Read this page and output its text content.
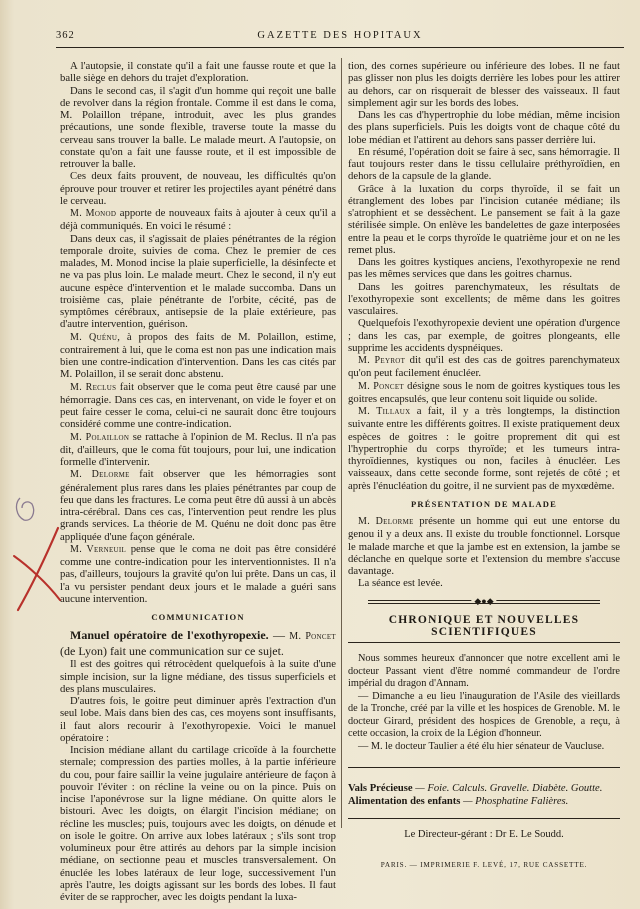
362	GAZETTE DES HOPITAUX

A l'autopsie, il constate qu'il a fait une fausse route et que la balle siège en dehors du trajet d'exploration.

Dans le second cas, il s'agit d'un homme qui reçoit une balle de revolver dans la région frontale. Comme il est dans le coma, M. Polaillon trépane, introduit, avec les plus grandes précautions, une sonde flexible, traverse toute la masse du cerveau sans trouver la balle. Le malade meurt. A l'autopsie, on constate qu'on a fait une fausse route, et il est impossible de retrouver la balle.

Ces deux faits prouvent, de nouveau, les difficultés qu'on éprouve pour trouver et retirer les projectiles ayant pénétré dans le cerveau.

M. Monod apporte de nouveaux faits à ajouter à ceux qu'il a déjà communiqués. En voici le résumé :

Dans deux cas, il s'agissait de plaies pénétrantes de la région temporale droite, suivies de coma. Chez le premier de ces malades, M. Monod incise la plaie superficielle, la désinfecte et ne va pas plus loin. Le malade meurt. Chez le second, il n'y eut aucune espèce d'intervention et le malade succomba. Dans un troisième cas, plaie pénétrante de l'orbite, cécité, pas de symptômes cérébraux, antisepsie de la plaie extérieure, pas d'autre intervention, guérison.

M. Quénu, à propos des faits de M. Polaillon, estime, contrairement à lui, que le coma est non pas une indication mais bien une contre-indication d'intervention. Dans les cas cités par M. Polaillon, il se serait donc abstenu.

M. Reclus fait observer que le coma peut être causé par une hémorragie. Dans ces cas, en intervenant, on vide le foyer et on peut faire cesser le coma, celui-ci ne saurait donc être toujours considéré comme une contre-indication.

M. Polaillon se rattache à l'opinion de M. Reclus. Il n'a pas dit, d'ailleurs, que le coma fût toujours, pour lui, une indication formelle d'intervenir.

M. Delorme fait observer que les hémorragies sont généralement plus rares dans les plaies pénétrantes par coup de feu que dans les fractures. Le coma peut être dû aussi à un abcès intra-cérébral. Dans ces cas, l'intervention peut rendre les plus grands services. La théorie de M. Quénu ne doit donc pas être appliquée d'une façon générale.

M. Verneuil pense que le coma ne doit pas être considéré comme une contre-indication pour les interventionnistes. Il n'a pas, d'ailleurs, toujours la gravité qu'on lui prête. Dans un cas, il l'a vu persister pendant deux jours et le malade a guéri sans aucune intervention.

COMMUNICATION

Manuel opératoire de l'exothyropexie. — M. Poncet (de Lyon) fait une communication sur ce sujet.

Il est des goitres qui rétrocèdent quelquefois à la suite d'une simple incision, sur la ligne médiane, des tissus superficiels et des plans musculaires.

D'autres fois, le goitre peut diminuer après l'extraction d'un seul lobe. Mais dans bien des cas, ces moyens sont insuffisants, il faut alors recourir à l'exothyropexie. Voici le manuel opératoire :

Incision médiane allant du cartilage cricoïde à la fourchette sternale; compression des parties molles, à la partie inférieure du cou, pour faire saillir la veine jugulaire antérieure de façon à pouvoir l'éviter : on récline la veine ou on la pince. Puis on incise l'aponévrose sur la ligne médiane. On quitte alors le bistouri. Avec les doigts, on élargit l'incision médiane; on récline les muscles; puis, toujours avec les doigts, on dénude et on isole le goitre. On arrive aux lobes latéraux ; s'ils sont trop volumineux pour être attirés au dehors par la simple incision médiane, on sectionne peau et muscles transversalement. On énuclée les lobes latéraux de leur loge, successivement l'un après l'autre, les doigts agissant sur les bords des lobes. Il faut éviter de se rapprocher, avec les doigts pendant la luxa-

tion, des cornes supérieure ou inférieure des lobes. Il ne faut pas glisser non plus les doigts derrière les lobes pour les attirer au dehors, car on risquerait de blesser des vaisseaux. Il faut simplement agir sur les bords des lobes.

Dans les cas d'hypertrophie du lobe médian, même incision des plans superficiels. Puis les doigts vont de chaque côté du lobe médian et l'attirent au dehors sans passer derrière lui.

En résumé, l'opération doit se faire à sec, sans hémorragie. Il faut toujours rester dans le tissu cellulaire préthyroïdien, en dehors de la capsule de la glande.

Grâce à la luxation du corps thyroïde, il se fait un étranglement des lobes par l'incision cutanée médiane; ils s'atrophient et se dessèchent. Le pansement se fait à la gaze stérilisée simple. On enlève les bandelettes de gaze interposées entre la peau et le corps thyroïde le quatrième jour et on ne les remet plus.

Dans les goitres kystiques anciens, l'exothyropexie ne rend pas les mêmes services que dans les goitres charnus.

Dans les goitres parenchymateux, les résultats de l'exothyropexie sont excellents; de même dans les goitres vasculaires.

Quelquefois l'exothyropexie devient une opération d'urgence ; dans les cas, par exemple, de goitres plongeants, elle supprime les accidents dyspnéiques.

M. Peyrot dit qu'il est des cas de goitres parenchymateux qu'on peut facilement énucléer.

M. Poncet désigne sous le nom de goitres kystiques tous les goitres encapsulés, que leur contenu soit liquide ou solide.

M. Tillaux a fait, il y a très longtemps, la distinction suivante entre les différents goitres. Il existe pratiquement deux espèces de goitres : le goitre proprement dit qui est l'hypertrophie du corps thyroïde; et les tumeurs intra-thyroïdiennes, kystiques ou non, faciles à énucléer. Les vaisseaux, dans cette seconde forme, sont rejetés de côté ; et après l'énucléation du goitre, il ne survient pas de myxœdème.

PRÉSENTATION DE MALADE

M. Delorme présente un homme qui eut une entorse du genou il y a deux ans. Il existe du trouble fonctionnel. Lorsque le malade marche et que la jambe est en extension, la jambe se déclanche en quelque sorte et l'extension du membre s'accuse davantage.

La séance est levée.

◆●◆
CHRONIQUE ET NOUVELLES SCIENTIFIQUES

Nous sommes heureux d'annoncer que notre excellent ami le docteur Passant vient d'être nommé commandeur de l'ordre impérial du dragon d'Annam.

— Dimanche a eu lieu l'inauguration de l'Asile des vieillards de la Tronche, créé par la ville et les hospices de Grenoble. M. le docteur Girard, président des hospices de Grenoble, a reçu, à cette occasion, la croix de la Légion d'honneur.

— M. le docteur Taulier a été élu hier sénateur de Vaucluse.

Vals Précieuse — Foie. Calculs. Gravelle. Diabète. Goutte.

Alimentation des enfants — Phosphatine Falières.

Le Directeur-gérant : Dr E. Le Soudd.
PARIS. — IMPRIMERIE F. LEVÉ, 17, RUE CASSETTE.
